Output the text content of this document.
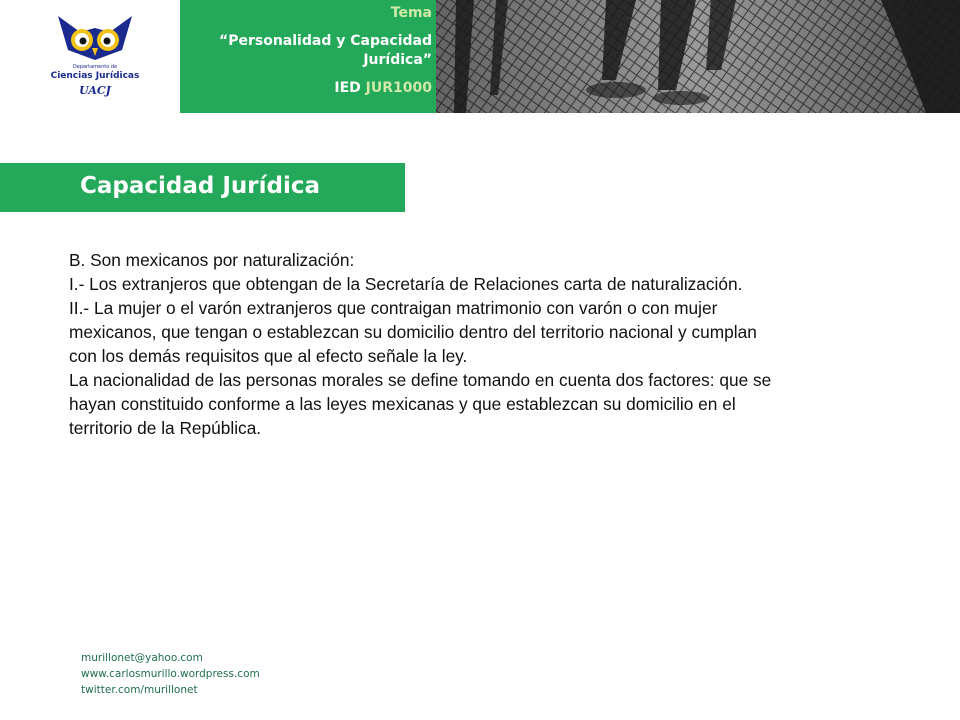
Departamento de
Ciencias Jurídicas
UACJ
Tema
“Personalidad y Capacidad Jurídica”
IED JUR1000
Capacidad Jurídica

B. Son mexicanos por naturalización:

I.- Los extranjeros que obtengan de la Secretaría de Relaciones carta de naturalización.

II.- La mujer o el varón extranjeros que contraigan matrimonio con varón o con mujer mexicanos, que tengan o establezcan su domicilio dentro del territorio nacional y cumplan con los demás requisitos que al efecto señale la ley.

La nacionalidad de las personas morales se define tomando en cuenta dos factores: que se hayan constituido conforme a las leyes mexicanas y que establezcan su domicilio en el territorio de la República.

murillonet@yahoo.com
www.carlosmurillo.wordpress.com
twitter.com/murillonet
